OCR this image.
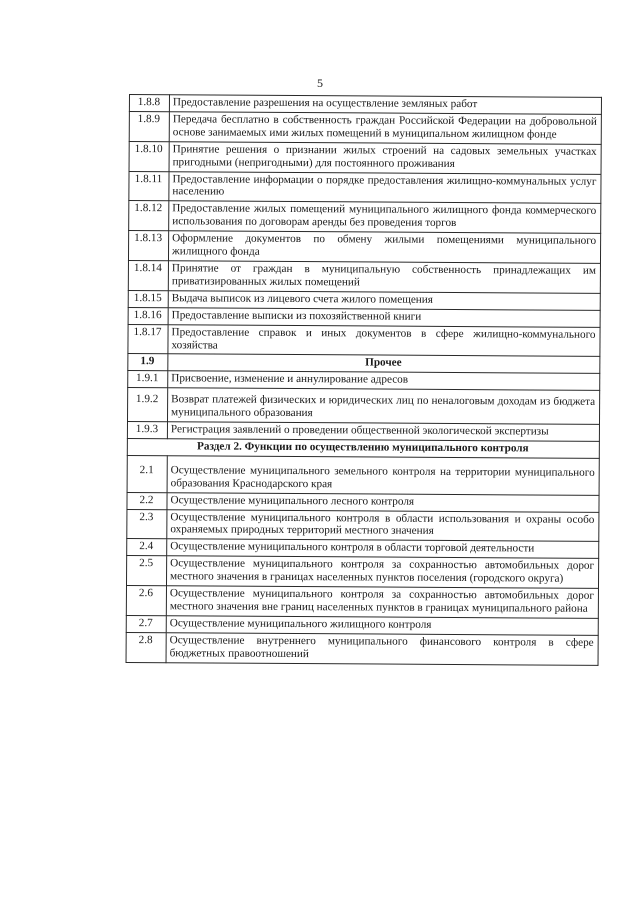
5
1.8.8	Предоставление разрешения на осуществление земляных работ
1.8.9	Передача бесплатно в собственность граждан Российской Федерации на добровольной основе занимаемых ими жилых помещений в муниципальном жилищном фонде
1.8.10	Принятие решения о признании жилых строений на садовых земельных участках пригодными (непригодными) для постоянного проживания
1.8.11	Предоставление информации о порядке предоставления жилищно-коммунальных услуг населению
1.8.12	Предоставление жилых помещений муниципального жилищного фонда коммерческого использования по договорам аренды без проведения торгов
1.8.13	Оформление документов по обмену жилыми помещениями муниципального жилищного фонда
1.8.14	Принятие от граждан в муниципальную собственность принадлежащих им приватизированных жилых помещений
1.8.15	Выдача выписок из лицевого счета жилого помещения
1.8.16	Предоставление выписки из похозяйственной книги
1.8.17	Предоставление справок и иных документов в сфере жилищно-коммунального хозяйства
1.9	Прочее
1.9.1	Присвоение, изменение и аннулирование адресов
1.9.2	Возврат платежей физических и юридических лиц по неналоговым доходам из бюджета муниципального образования
1.9.3	Регистрация заявлений о проведении общественной экологической экспертизы
Раздел 2. Функции по осуществлению муниципального контроля	
2.1	Осуществление муниципального земельного контроля на территории муниципального образования Краснодарского края
2.2	Осуществление муниципального лесного контроля
2.3	Осуществление муниципального контроля в области использования и охраны особо охраняемых природных территорий местного значения
2.4	Осуществление муниципального контроля в области торговой деятельности
2.5	Осуществление муниципального контроля за сохранностью автомобильных дорог местного значения в границах населенных пунктов поселения (городского округа)
2.6	Осуществление муниципального контроля за сохранностью автомобильных дорог местного значения вне границ населенных пунктов в границах муниципального района
2.7	Осуществление муниципального жилищного контроля
2.8	Осуществление внутреннего муниципального финансового контроля в сфере бюджетных правоотношений
